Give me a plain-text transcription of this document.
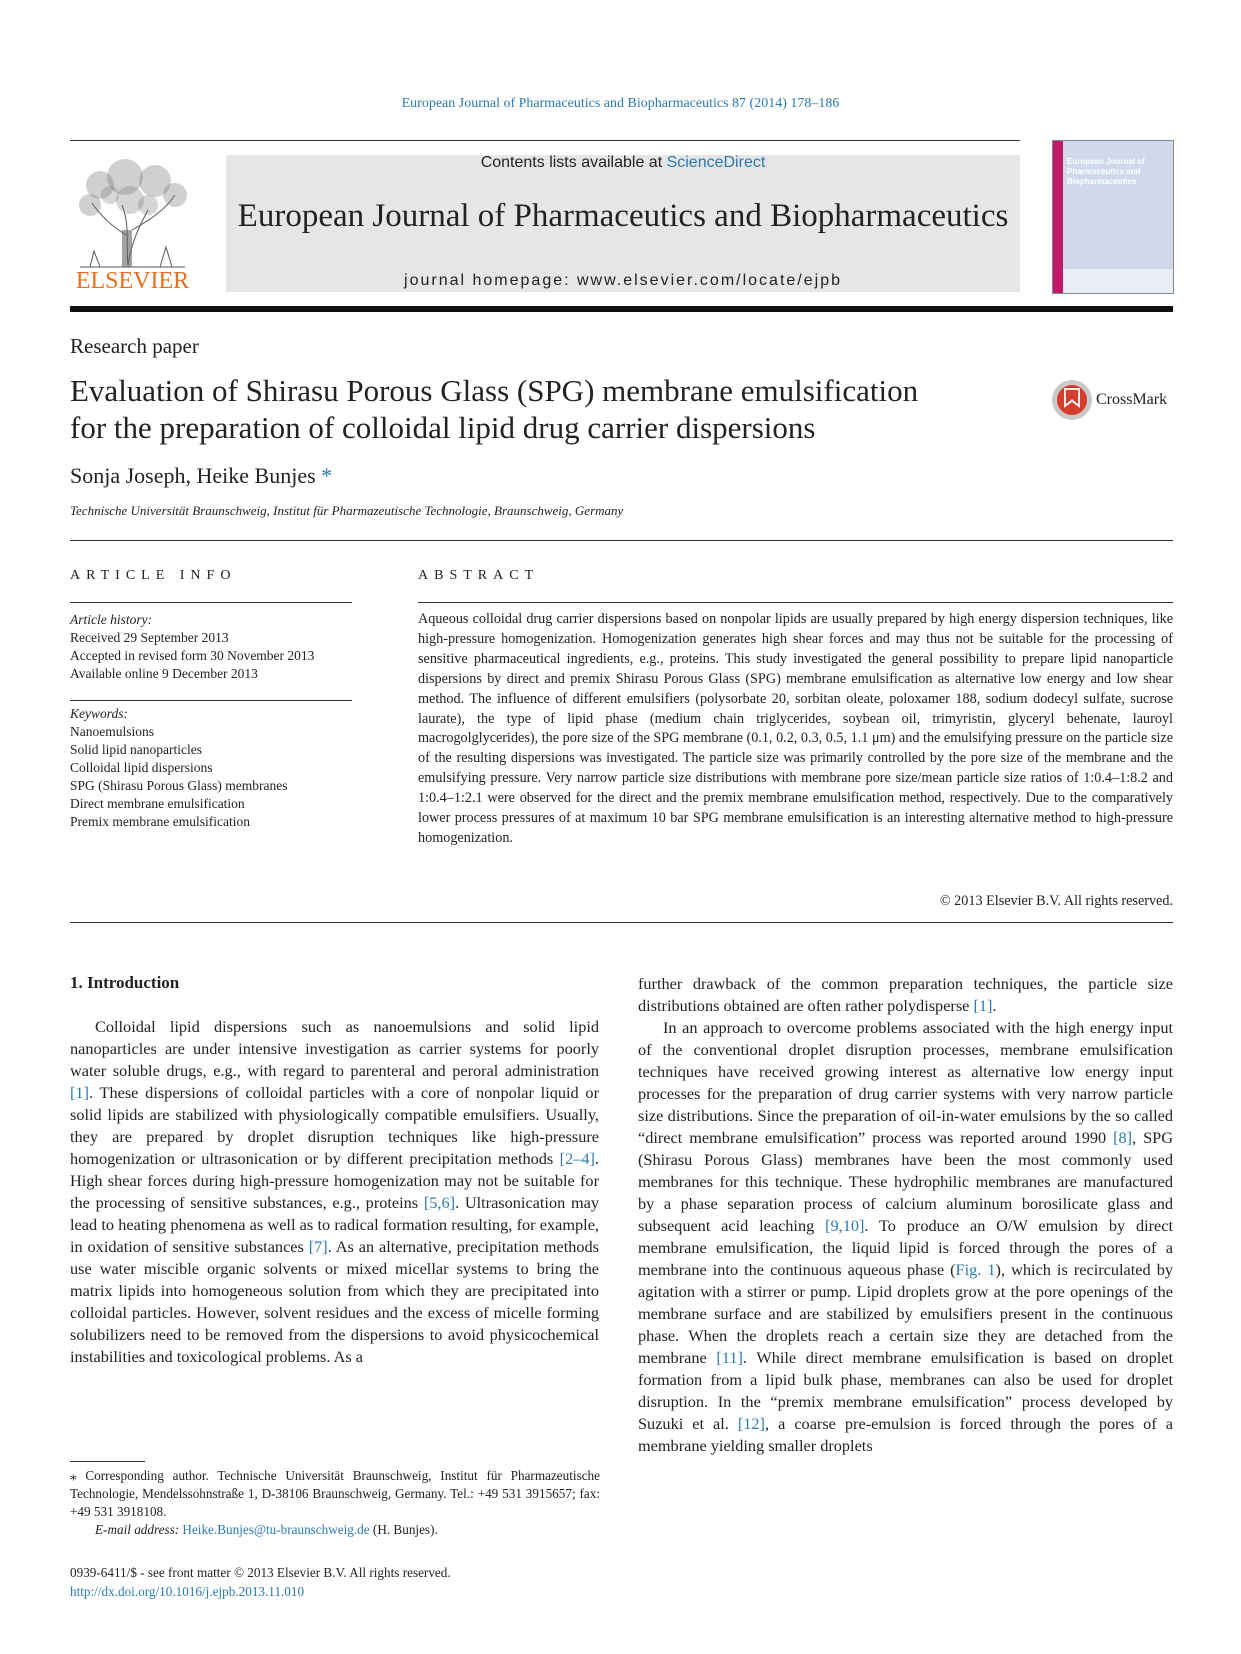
European Journal of Pharmaceutics and Biopharmaceutics 87 (2014) 178–186
ELSEVIER
Contents lists available at ScienceDirect
European Journal of Pharmaceutics and Biopharmaceutics
journal homepage: www.elsevier.com/locate/ejpb
European Journal of Pharmaceutics and Biopharmaceutics
Research paper
Evaluation of Shirasu Porous Glass (SPG) membrane emulsification
for the preparation of colloidal lipid drug carrier dispersions
CrossMark
Sonja Joseph, Heike Bunjes *
Technische Universität Braunschweig, Institut für Pharmazeutische Technologie, Braunschweig, Germany
ARTICLE INFO
Article history:
Received 29 September 2013
Accepted in revised form 30 November 2013
Available online 9 December 2013
Keywords:
Nanoemulsions
Solid lipid nanoparticles
Colloidal lipid dispersions
SPG (Shirasu Porous Glass) membranes
Direct membrane emulsification
Premix membrane emulsification
ABSTRACT
Aqueous colloidal drug carrier dispersions based on nonpolar lipids are usually prepared by high energy dispersion techniques, like high-pressure homogenization. Homogenization generates high shear forces and may thus not be suitable for the processing of sensitive pharmaceutical ingredients, e.g., proteins. This study investigated the general possibility to prepare lipid nanoparticle dispersions by direct and premix Shirasu Porous Glass (SPG) membrane emulsification as alternative low energy and low shear method. The influence of different emulsifiers (polysorbate 20, sorbitan oleate, poloxamer 188, sodium dodecyl sulfate, sucrose laurate), the type of lipid phase (medium chain triglycerides, soybean oil, trimyristin, glyceryl behenate, lauroyl macrogolglycerides), the pore size of the SPG membrane (0.1, 0.2, 0.3, 0.5, 1.1 μm) and the emulsifying pressure on the particle size of the resulting dispersions was investigated. The particle size was primarily controlled by the pore size of the membrane and the emulsifying pressure. Very narrow particle size distributions with membrane pore size/mean particle size ratios of 1:0.4–1:8.2 and 1:0.4–1:2.1 were observed for the direct and the premix membrane emulsification method, respectively. Due to the comparatively lower process pressures of at maximum 10 bar SPG membrane emulsification is an interesting alternative method to high-pressure homogenization.
© 2013 Elsevier B.V. All rights reserved.
1. Introduction

Colloidal lipid dispersions such as nanoemulsions and solid lipid nanoparticles are under intensive investigation as carrier systems for poorly water soluble drugs, e.g., with regard to parenteral and peroral administration [1]. These dispersions of colloidal particles with a core of nonpolar liquid or solid lipids are stabilized with physiologically compatible emulsifiers. Usually, they are prepared by droplet disruption techniques like high-pressure homogenization or ultrasonication or by different precipitation methods [2–4]. High shear forces during high-pressure homogenization may not be suitable for the processing of sensitive substances, e.g., proteins [5,6]. Ultrasonication may lead to heating phenomena as well as to radical formation resulting, for example, in oxidation of sensitive substances [7]. As an alternative, precipitation methods use water miscible organic solvents or mixed micellar systems to bring the matrix lipids into homogeneous solution from which they are precipitated into colloidal particles. However, solvent residues and the excess of micelle forming solubilizers need to be removed from the dispersions to avoid physicochemical instabilities and toxicological problems. As a

further drawback of the common preparation techniques, the particle size distributions obtained are often rather polydisperse [1].

In an approach to overcome problems associated with the high energy input of the conventional droplet disruption processes, membrane emulsification techniques have received growing interest as alternative low energy input processes for the preparation of drug carrier systems with very narrow particle size distributions. Since the preparation of oil-in-water emulsions by the so called “direct membrane emulsification” process was reported around 1990 [8], SPG (Shirasu Porous Glass) membranes have been the most commonly used membranes for this technique. These hydrophilic membranes are manufactured by a phase separation process of calcium aluminum borosilicate glass and subsequent acid leaching [9,10]. To produce an O/W emulsion by direct membrane emulsification, the liquid lipid is forced through the pores of a membrane into the continuous aqueous phase (Fig. 1), which is recirculated by agitation with a stirrer or pump. Lipid droplets grow at the pore openings of the membrane surface and are stabilized by emulsifiers present in the continuous phase. When the droplets reach a certain size they are detached from the membrane [11]. While direct membrane emulsification is based on droplet formation from a lipid bulk phase, membranes can also be used for droplet disruption. In the “premix membrane emulsification” process developed by Suzuki et al. [12], a coarse pre-emulsion is forced through the pores of a membrane yielding smaller droplets

⁎ Corresponding author. Technische Universität Braunschweig, Institut für Pharmazeutische Technologie, Mendelssohnstraße 1, D-38106 Braunschweig, Germany. Tel.: +49 531 3915657; fax: +49 531 3918108.

E-mail address: Heike.Bunjes@tu-braunschweig.de (H. Bunjes).

0939-6411/$ - see front matter © 2013 Elsevier B.V. All rights reserved.
http://dx.doi.org/10.1016/j.ejpb.2013.11.010
